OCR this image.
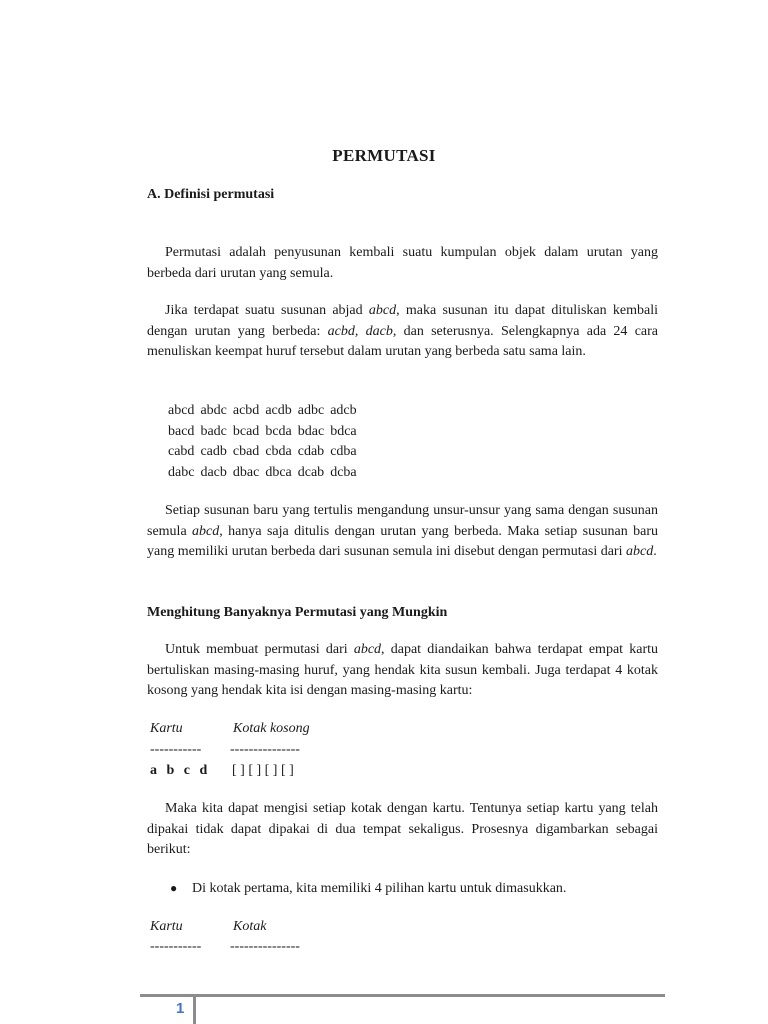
PERMUTASI
A. Definisi permutasi

Permutasi adalah penyusunan kembali suatu kumpulan objek dalam urutan yang berbeda dari urutan yang semula.

Jika terdapat suatu susunan abjad abcd, maka susunan itu dapat dituliskan kembali dengan urutan yang berbeda: acbd, dacb, dan seterusnya. Selengkapnya ada 24 cara menuliskan keempat huruf tersebut dalam urutan yang berbeda satu sama lain.

abcd abdc acbd acdb adbc adcb
bacd badc bcad bcda bdac bdca
cabd cadb cbad cbda cdab cdba
dabc dacb dbac dbca dcab dcba

Setiap susunan baru yang tertulis mengandung unsur-unsur yang sama dengan susunan semula abcd, hanya saja ditulis dengan urutan yang berbeda. Maka setiap susunan baru yang memiliki urutan berbeda dari susunan semula ini disebut dengan permutasi dari abcd.

Menghitung Banyaknya Permutasi yang Mungkin

Untuk membuat permutasi dari abcd, dapat diandaikan bahwa terdapat empat kartu bertuliskan masing-masing huruf, yang hendak kita susun kembali. Juga terdapat 4 kotak kosong yang hendak kita isi dengan masing-masing kartu:

Kartu	Kotak kosong
----------- ---------------
a b c d [ ] [ ] [ ] [ ]

Maka kita dapat mengisi setiap kotak dengan kartu. Tentunya setiap kartu yang telah dipakai tidak dapat dipakai di dua tempat sekaligus. Prosesnya digambarkan sebagai berikut:

● Di kotak pertama, kita memiliki 4 pilihan kartu untuk dimasukkan.
Kartu	Kotak
----------- ---------------
1
